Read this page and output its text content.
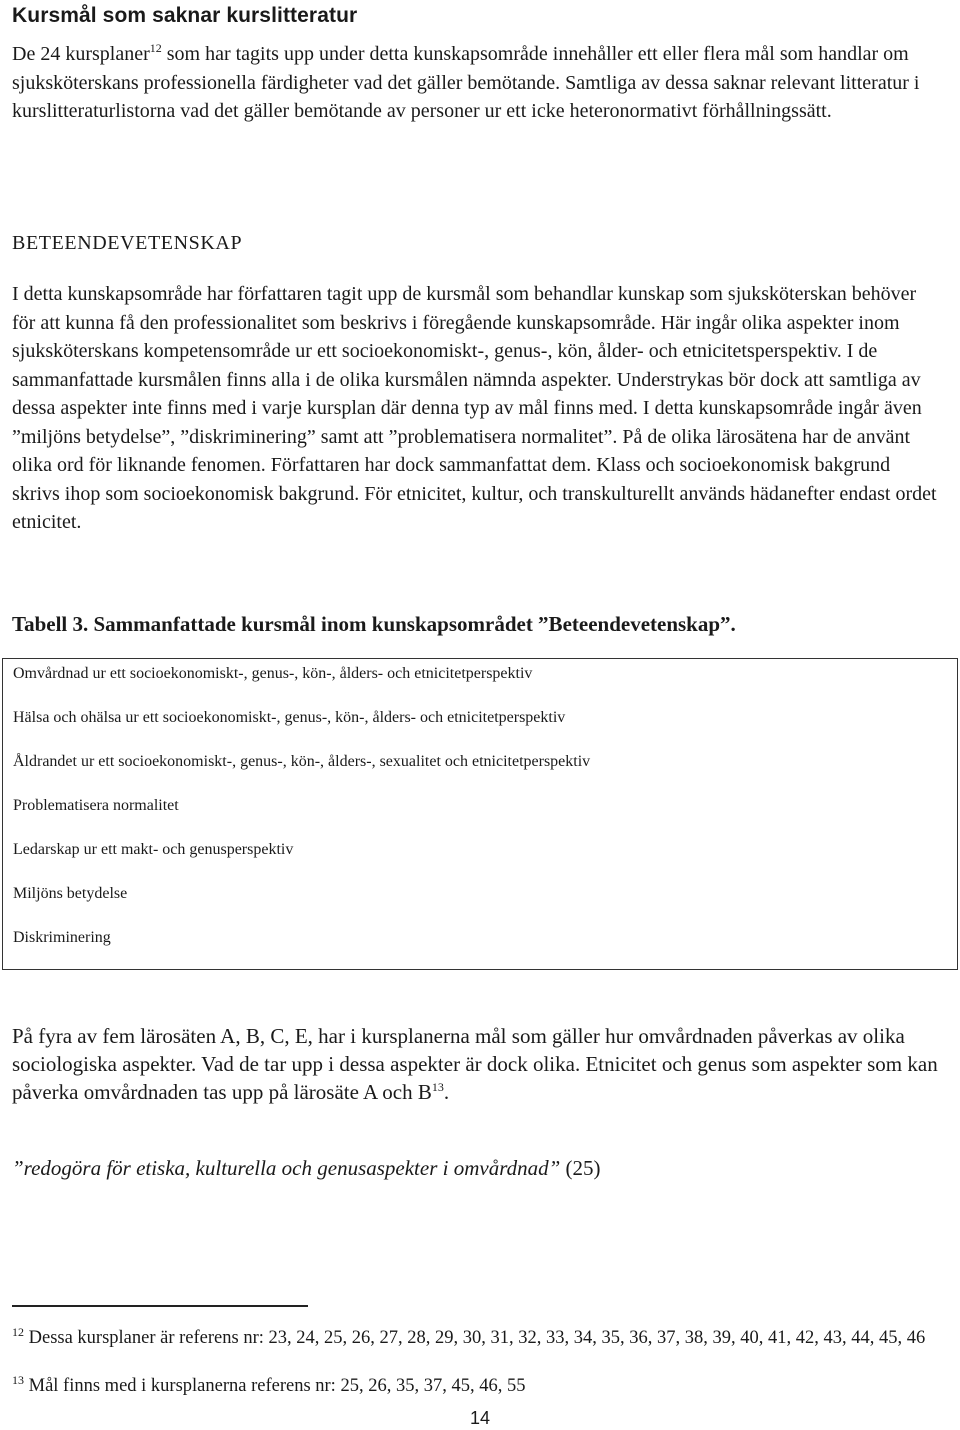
Kursmål som saknar kurslitteratur

De 24 kursplaner$^{12}$ som har tagits upp under detta kunskapsområde innehåller ett eller flera mål som handlar om sjuksköterskans professionella färdigheter vad det gäller bemötande. Samtliga av dessa saknar relevant litteratur i kurslitteraturlistorna vad det gäller bemötande av personer ur ett icke heteronormativt förhållningssätt.

BETEENDEVETENSKAP

I detta kunskapsområde har författaren tagit upp de kursmål som behandlar kunskap som sjuksköterskan behöver för att kunna få den professionalitet som beskrivs i föregående kunskapsområde. Här ingår olika aspekter inom sjuksköterskans kompetensområde ur ett socioekonomiskt-, genus-, kön, ålder- och etnicitetsperspektiv. I de sammanfattade kursmålen finns alla i de olika kursmålen nämnda aspekter. Understrykas bör dock att samtliga av dessa aspekter inte finns med i varje kursplan där denna typ av mål finns med. I detta kunskapsområde ingår även ”miljöns betydelse”, ”diskriminering” samt att ”problematisera normalitet”. På de olika lärosätena har de använt olika ord för liknande fenomen. Författaren har dock sammanfattat dem. Klass och socioekonomisk bakgrund skrivs ihop som socioekonomisk bakgrund. För etnicitet, kultur, och transkulturellt används hädanefter endast ordet etnicitet.

Tabell 3. Sammanfattade kursmål inom kunskapsområdet ”Beteendevetenskap”.
Omvårdnad ur ett socioekonomiskt-, genus-, kön-, ålders- och etnicitetperspektiv
Hälsa och ohälsa ur ett socioekonomiskt-, genus-, kön-, ålders- och etnicitetperspektiv
Åldrandet ur ett socioekonomiskt-, genus-, kön-, ålders-, sexualitet och etnicitetperspektiv
Problematisera normalitet
Ledarskap ur ett makt- och genusperspektiv
Miljöns betydelse
Diskriminering

På fyra av fem lärosäten A, B, C, E, har i kursplanerna mål som gäller hur omvårdnaden påverkas av olika sociologiska aspekter. Vad de tar upp i dessa aspekter är dock olika. Etnicitet och genus som aspekter som kan påverka omvårdnaden tas upp på lärosäte A och $B^{13}$.

”redogöra för etiska, kulturella och genusaspekter i omvårdnad” (25)

$^{12}$ Dessa kursplaner är referens nr: 23, 24, 25, 26, 27, 28, 29, 30, 31, 32, 33, 34, 35, 36, 37, 38, 39, 40, 41, 42, 43, 44, 45, 46

$^{13}$ Mål finns med i kursplanerna referens nr: 25, 26, 35, 37, 45, 46, 55

14
